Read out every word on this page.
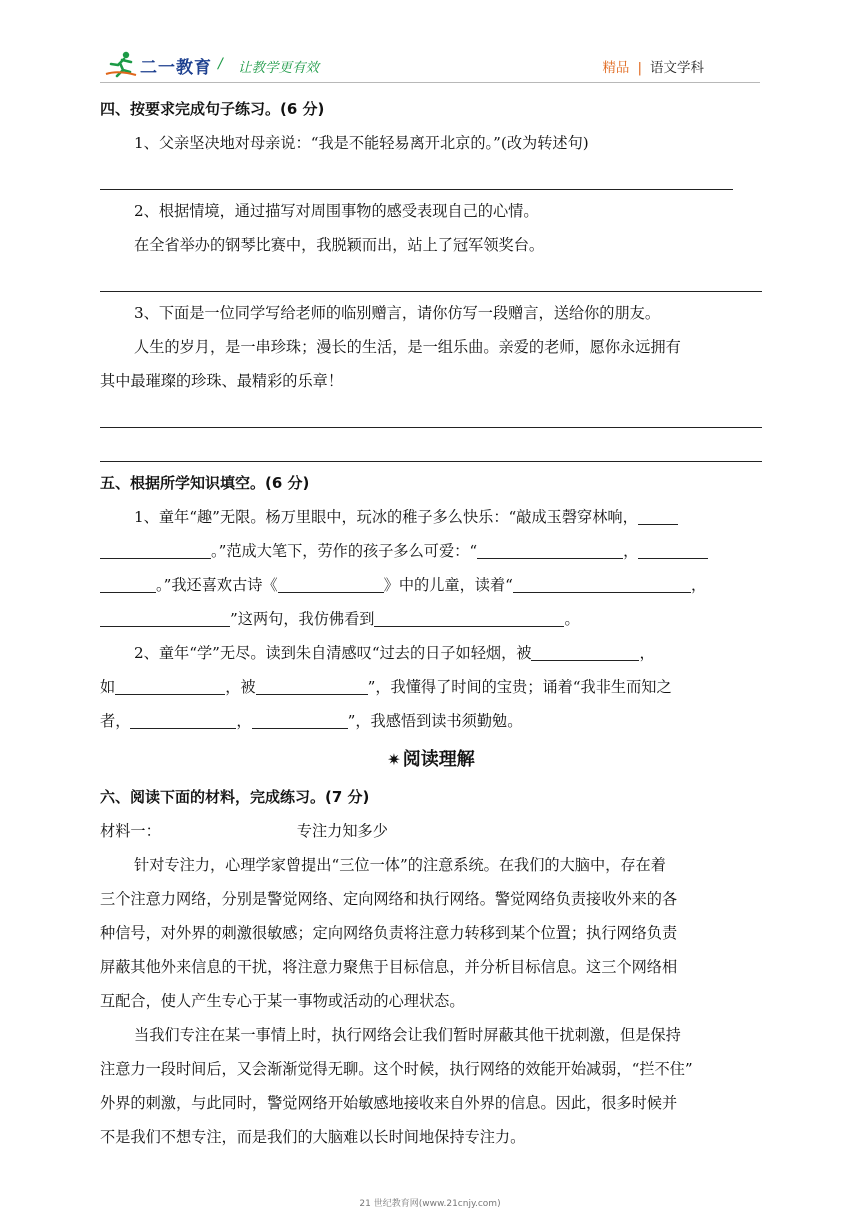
二一教育 / 让教学更有效	精品 | 语文学科
四、按要求完成句子练习。(6 分)
1、父亲坚决地对母亲说：“我是不能轻易离开北京的。”(改为转述句)
2、根据情境，通过描写对周围事物的感受表现自己的心情。
在全省举办的钢琴比赛中，我脱颖而出，站上了冠军领奖台。
3、下面是一位同学写给老师的临别赠言，请你仿写一段赠言，送给你的朋友。
人生的岁月，是一串珍珠；漫长的生活，是一组乐曲。亲爱的老师，愿你永远拥有
其中最璀璨的珍珠、最精彩的乐章！
五、根据所学知识填空。(6 分)
1、童年“趣”无限。杨万里眼中，玩冰的稚子多么快乐：“敲成玉磬穿林响，
。”范成大笔下，劳作的孩子多么可爱：“	，
。”我还喜欢古诗《	》中的儿童，读着“	，
”这两句，我仿佛看到	。
2、童年“学”无尽。读到朱自清感叹“过去的日子如轻烟，被	，
如	，被	”，我懂得了时间的宝贵；诵着“我非生而知之
者，	，	”，我感悟到读书须勤勉。
✷ 阅读理解
六、阅读下面的材料，完成练习。(7 分)
材料一：	专注力知多少
针对专注力，心理学家曾提出“三位一体”的注意系统。在我们的大脑中，存在着
三个注意力网络，分别是警觉网络、定向网络和执行网络。警觉网络负责接收外来的各
种信号，对外界的刺激很敏感；定向网络负责将注意力转移到某个位置；执行网络负责
屏蔽其他外来信息的干扰，将注意力聚焦于目标信息，并分析目标信息。这三个网络相
互配合，使人产生专心于某一事物或活动的心理状态。
当我们专注在某一事情上时，执行网络会让我们暂时屏蔽其他干扰刺激，但是保持
注意力一段时间后，又会渐渐觉得无聊。这个时候，执行网络的效能开始减弱，“拦不住”
外界的刺激，与此同时，警觉网络开始敏感地接收来自外界的信息。因此，很多时候并
不是我们不想专注，而是我们的大脑难以长时间地保持专注力。
21 世纪教育网(www.21cnjy.com)
